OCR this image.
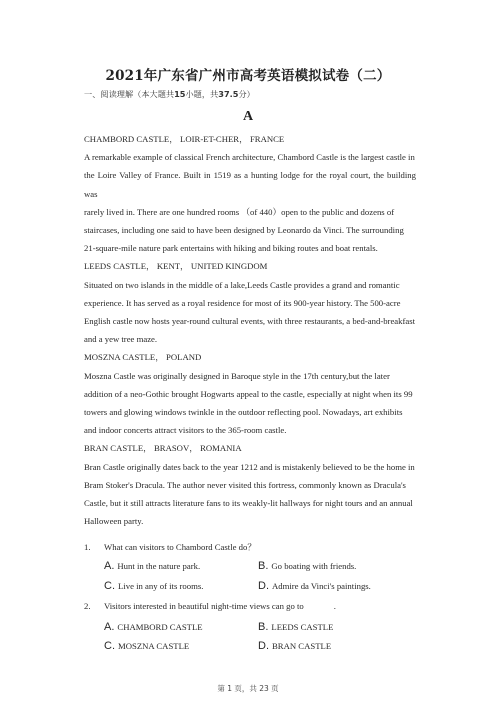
2021年广东省广州市高考英语模拟试卷（二）
一、阅读理解（本大题共15小题，共37.5分）
A

CHAMBORD CASTLE， LOIR-ET-CHER， FRANCE

A remarkable example of classical French architecture, Chambord Castle is the largest castle in

the Loire Valley of France. Built in 1519 as a hunting lodge for the royal court, the building was

rarely lived in. There are one hundred rooms （of 440）open to the public and dozens of

staircases, including one said to have been designed by Leonardo da Vinci. The surrounding

21-square-mile nature park entertains with hiking and biking routes and boat rentals.

LEEDS CASTLE， KENT， UNITED KINGDOM

Situated on two islands in the middle of a lake,Leeds Castle provides a grand and romantic

experience. It has served as a royal residence for most of its 900-year history. The 500-acre

English castle now hosts year-round cultural events, with three restaurants, a bed-and-breakfast

and a yew tree maze.

MOSZNA CASTLE， POLAND

Moszna Castle was originally designed in Baroque style in the 17th century,but the later

addition of a neo-Gothic brought Hogwarts appeal to the castle, especially at night when its 99

towers and glowing windows twinkle in the outdoor reflecting pool. Nowadays, art exhibits

and indoor concerts attract visitors to the 365-room castle.

BRAN CASTLE， BRASOV， ROMANIA

Bran Castle originally dates back to the year 1212 and is mistakenly believed to be the home in

Bram Stoker's Dracula. The author never visited this fortress, commonly known as Dracula's

Castle, but it still attracts literature fans to its weakly-lit hallways for night tours and an annual

Halloween party.

1. What can visitors to Chambord Castle do？
A. Hunt in the nature park.	B. Go boating with friends.
C. Live in any of its rooms.	D. Admire da Vinci's paintings.
2. Visitors interested in beautiful night-time views can go to	.
A. CHAMBORD CASTLE	B. LEEDS CASTLE
C. MOSZNA CASTLE	D. BRAN CASTLE
第 1 页，共 23 页
